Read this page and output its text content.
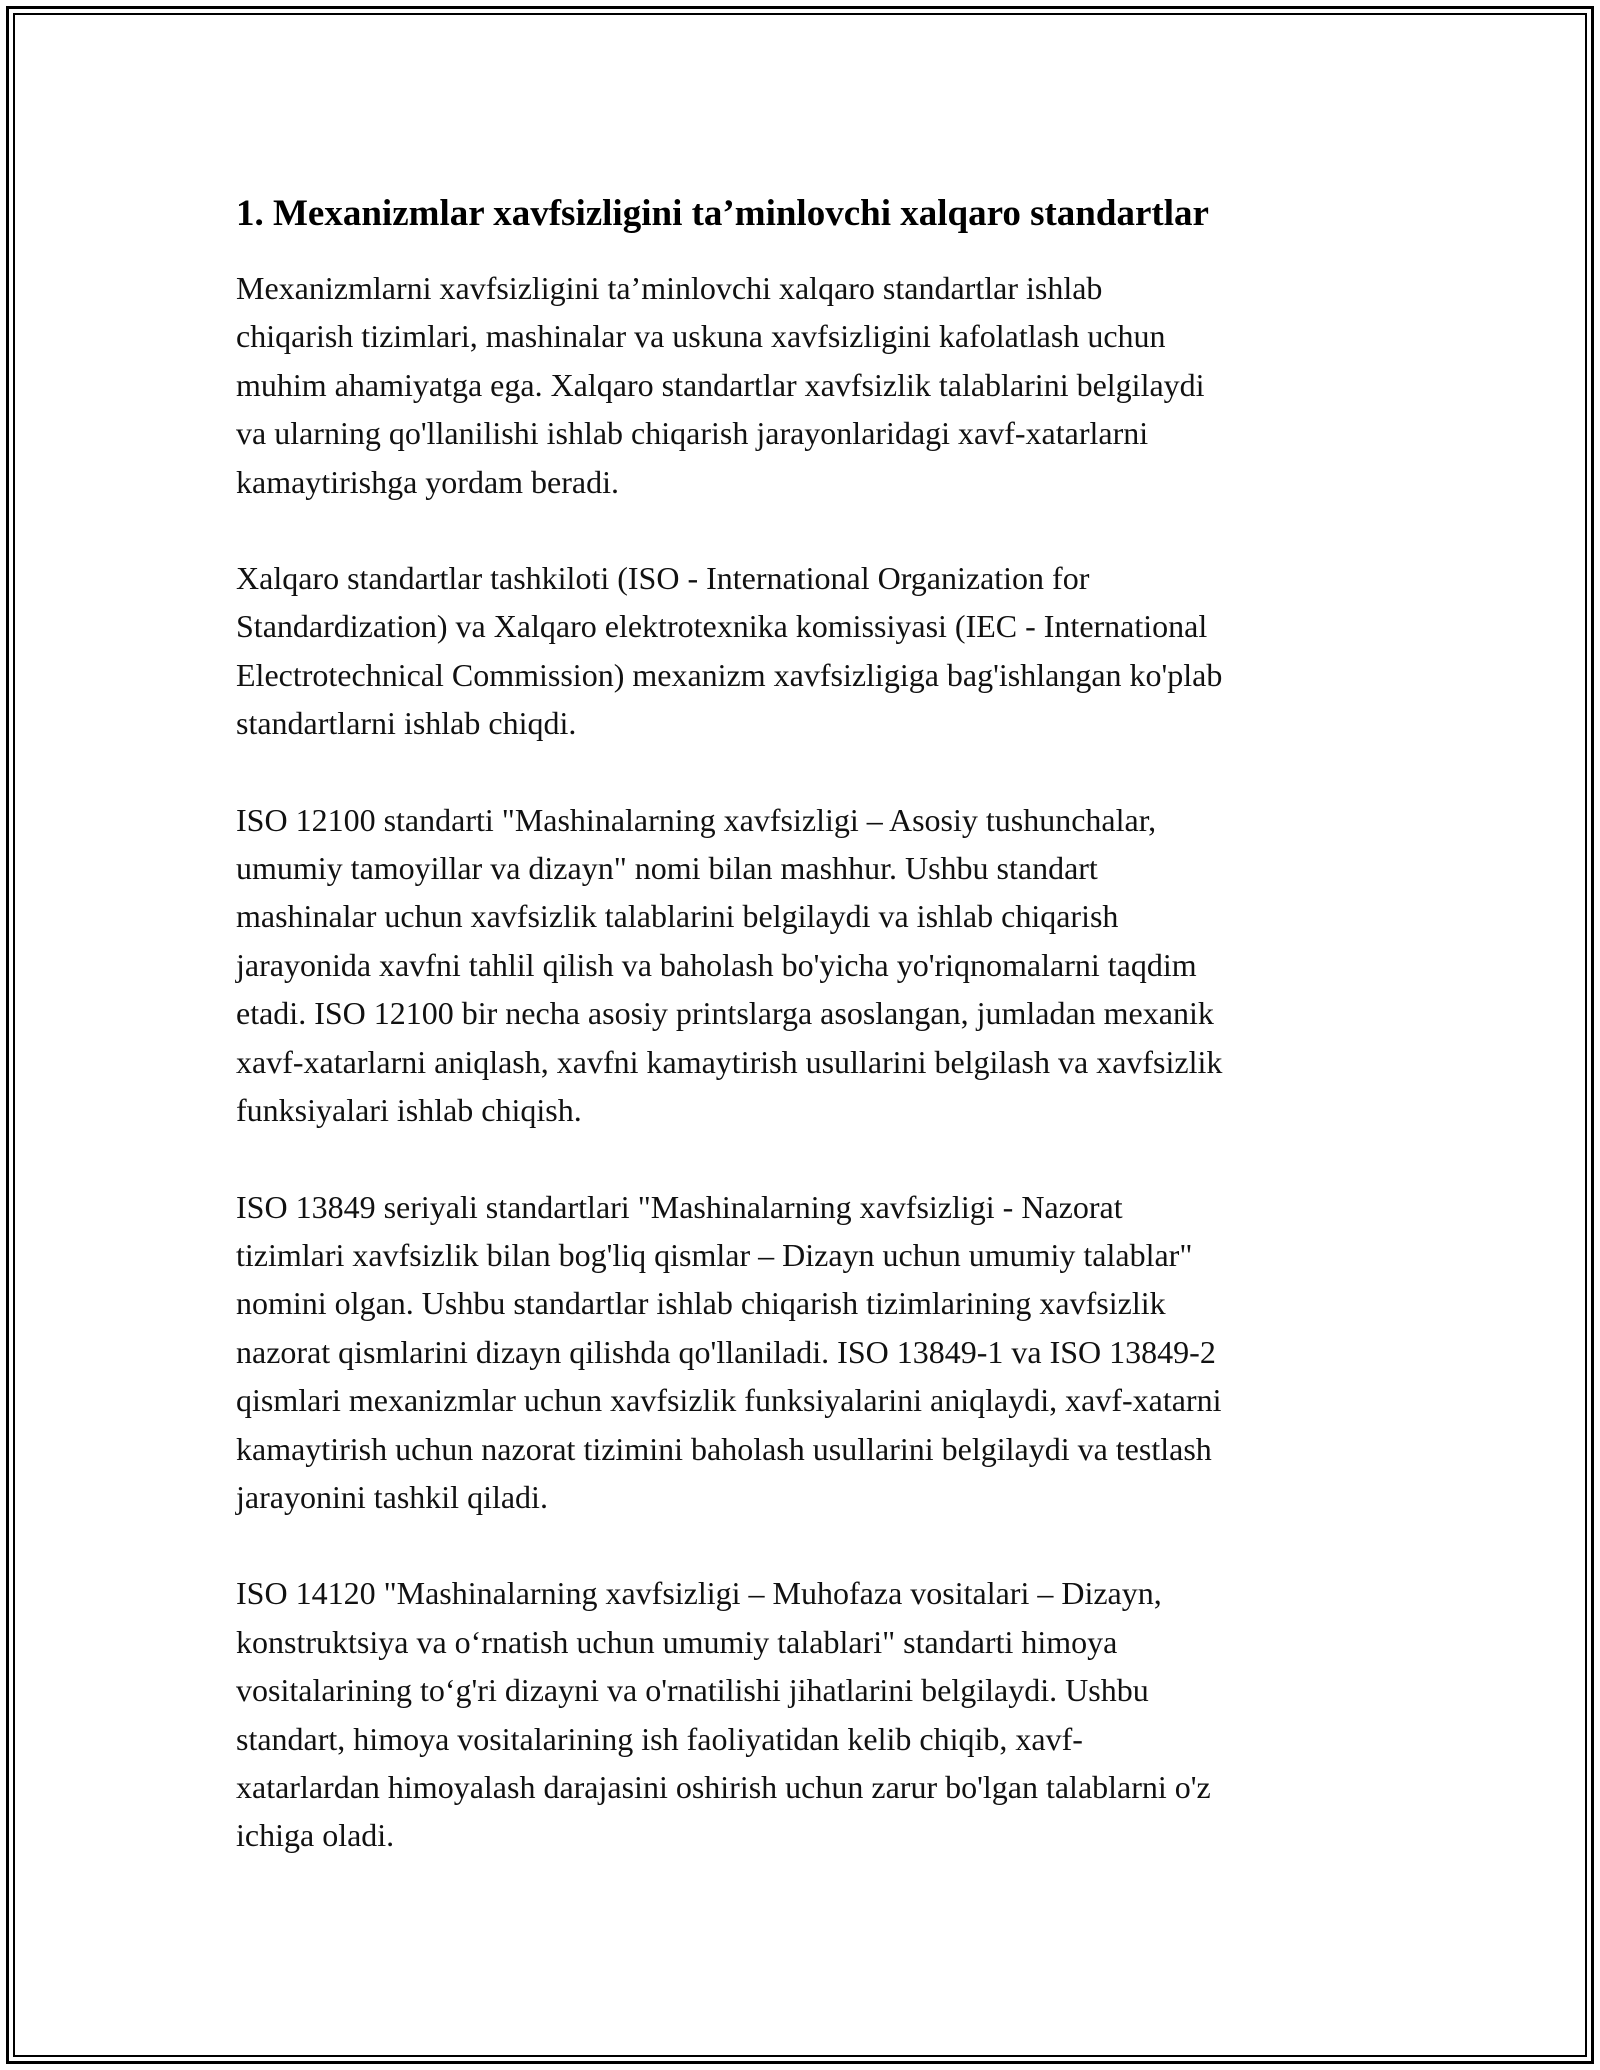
1. Mexanizmlar xavfsizligini ta’minlovchi xalqaro standartlar

Mexanizmlarni xavfsizligini ta’minlovchi xalqaro standartlar ishlab
chiqarish tizimlari, mashinalar va uskuna xavfsizligini kafolatlash uchun
muhim ahamiyatga ega. Xalqaro standartlar xavfsizlik talablarini belgilaydi
va ularning qo'llanilishi ishlab chiqarish jarayonlaridagi xavf-xatarlarni
kamaytirishga yordam beradi.

Xalqaro standartlar tashkiloti (ISO - International Organization for
Standardization) va Xalqaro elektrotexnika komissiyasi (IEC - International
Electrotechnical Commission) mexanizm xavfsizligiga bag'ishlangan ko'plab
standartlarni ishlab chiqdi.

ISO 12100 standarti "Mashinalarning xavfsizligi – Asosiy tushunchalar,
umumiy tamoyillar va dizayn" nomi bilan mashhur. Ushbu standart
mashinalar uchun xavfsizlik talablarini belgilaydi va ishlab chiqarish
jarayonida xavfni tahlil qilish va baholash bo'yicha yo'riqnomalarni taqdim
etadi. ISO 12100 bir necha asosiy printslarga asoslangan, jumladan mexanik
xavf-xatarlarni aniqlash, xavfni kamaytirish usullarini belgilash va xavfsizlik
funksiyalari ishlab chiqish.

ISO 13849 seriyali standartlari "Mashinalarning xavfsizligi - Nazorat
tizimlari xavfsizlik bilan bog'liq qismlar – Dizayn uchun umumiy talablar"
nomini olgan. Ushbu standartlar ishlab chiqarish tizimlarining xavfsizlik
nazorat qismlarini dizayn qilishda qo'llaniladi. ISO 13849-1 va ISO 13849-2
qismlari mexanizmlar uchun xavfsizlik funksiyalarini aniqlaydi, xavf-xatarni
kamaytirish uchun nazorat tizimini baholash usullarini belgilaydi va testlash
jarayonini tashkil qiladi.

ISO 14120 "Mashinalarning xavfsizligi – Muhofaza vositalari – Dizayn,
konstruktsiya va o‘rnatish uchun umumiy talablari" standarti himoya
vositalarining to‘g'ri dizayni va o'rnatilishi jihatlarini belgilaydi. Ushbu
standart, himoya vositalarining ish faoliyatidan kelib chiqib, xavf-
xatarlardan himoyalash darajasini oshirish uchun zarur bo'lgan talablarni o'z
ichiga oladi.
